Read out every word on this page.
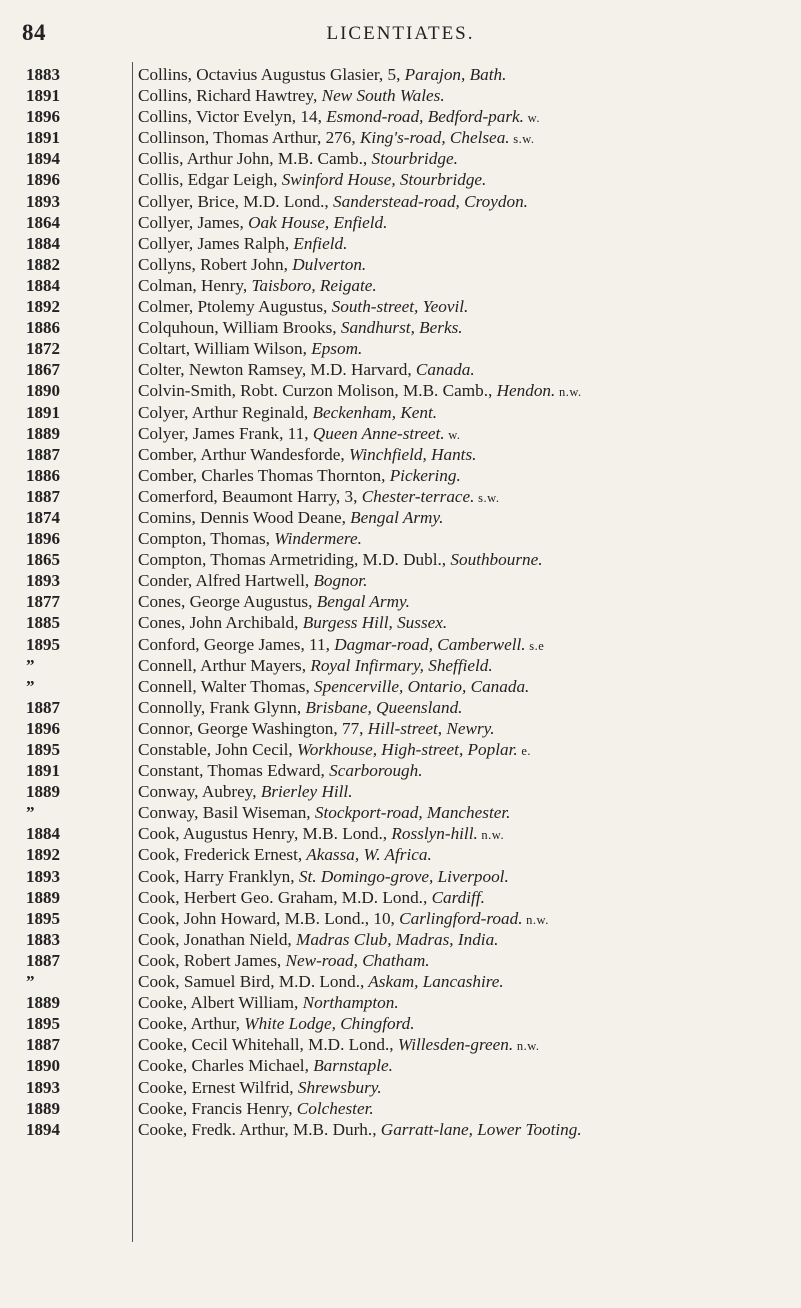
84	LICENTIATES.
1883	Collins, Octavius Augustus Glasier, 5, Parajon, Bath.
1891	Collins, Richard Hawtrey, New South Wales.
1896	Collins, Victor Evelyn, 14, Esmond-road, Bedford-park. w.
1891	Collinson, Thomas Arthur, 276, King's-road, Chelsea. s.w.
1894	Collis, Arthur John, M.B. Camb., Stourbridge.
1896	Collis, Edgar Leigh, Swinford House, Stourbridge.
1893	Collyer, Brice, M.D. Lond., Sanderstead-road, Croydon.
1864	Collyer, James, Oak House, Enfield.
1884	Collyer, James Ralph, Enfield.
1882	Collyns, Robert John, Dulverton.
1884	Colman, Henry, Taisboro, Reigate.
1892	Colmer, Ptolemy Augustus, South-street, Yeovil.
1886	Colquhoun, William Brooks, Sandhurst, Berks.
1872	Coltart, William Wilson, Epsom.
1867	Colter, Newton Ramsey, M.D. Harvard, Canada.
1890	Colvin-Smith, Robt. Curzon Molison, M.B. Camb., Hendon. n.w.
1891	Colyer, Arthur Reginald, Beckenham, Kent.
1889	Colyer, James Frank, 11, Queen Anne-street. w.
1887	Comber, Arthur Wandesforde, Winchfield, Hants.
1886	Comber, Charles Thomas Thornton, Pickering.
1887	Comerford, Beaumont Harry, 3, Chester-terrace. s.w.
1874	Comins, Dennis Wood Deane, Bengal Army.
1896	Compton, Thomas, Windermere.
1865	Compton, Thomas Armetriding, M.D. Dubl., Southbourne.
1893	Conder, Alfred Hartwell, Bognor.
1877	Cones, George Augustus, Bengal Army.
1885	Cones, John Archibald, Burgess Hill, Sussex.
1895	Conford, George James, 11, Dagmar-road, Camberwell. s.e
”	Connell, Arthur Mayers, Royal Infirmary, Sheffield.
”	Connell, Walter Thomas, Spencerville, Ontario, Canada.
1887	Connolly, Frank Glynn, Brisbane, Queensland.
1896	Connor, George Washington, 77, Hill-street, Newry.
1895	Constable, John Cecil, Workhouse, High-street, Poplar. e.
1891	Constant, Thomas Edward, Scarborough.
1889	Conway, Aubrey, Brierley Hill.
”	Conway, Basil Wiseman, Stockport-road, Manchester.
1884	Cook, Augustus Henry, M.B. Lond., Rosslyn-hill. n.w.
1892	Cook, Frederick Ernest, Akassa, W. Africa.
1893	Cook, Harry Franklyn, St. Domingo-grove, Liverpool.
1889	Cook, Herbert Geo. Graham, M.D. Lond., Cardiff.
1895	Cook, John Howard, M.B. Lond., 10, Carlingford-road. n.w.
1883	Cook, Jonathan Nield, Madras Club, Madras, India.
1887	Cook, Robert James, New-road, Chatham.
”	Cook, Samuel Bird, M.D. Lond., Askam, Lancashire.
1889	Cooke, Albert William, Northampton.
1895	Cooke, Arthur, White Lodge, Chingford.
1887	Cooke, Cecil Whitehall, M.D. Lond., Willesden-green. n.w.
1890	Cooke, Charles Michael, Barnstaple.
1893	Cooke, Ernest Wilfrid, Shrewsbury.
1889	Cooke, Francis Henry, Colchester.
1894	Cooke, Fredk. Arthur, M.B. Durh., Garratt-lane, Lower Tooting.
